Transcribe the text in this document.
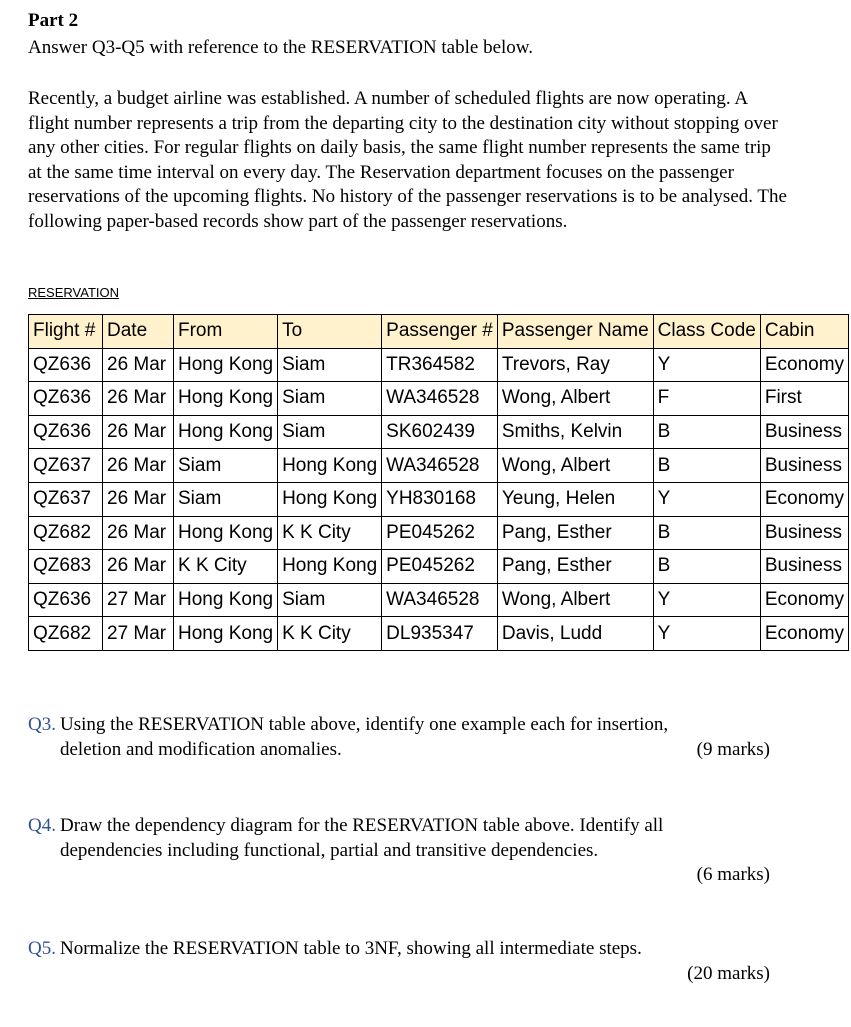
Part 2
Answer Q3-Q5 with reference to the RESERVATION table below.
Recently, a budget airline was established. A number of scheduled flights are now operating. A flight number represents a trip from the departing city to the destination city without stopping over any other cities. For regular flights on daily basis, the same flight number represents the same trip at the same time interval on every day. The Reservation department focuses on the passenger reservations of the upcoming flights. No history of the passenger reservations is to be analysed. The following paper-based records show part of the passenger reservations.
RESERVATION
Flight #	Date	From	To	Passenger #	Passenger Name	Class Code	Cabin
QZ636	26 Mar	Hong Kong	Siam	TR364582	Trevors, Ray	Y	Economy
QZ636	26 Mar	Hong Kong	Siam	WA346528	Wong, Albert	F	First
QZ636	26 Mar	Hong Kong	Siam	SK602439	Smiths, Kelvin	B	Business
QZ637	26 Mar	Siam	Hong Kong	WA346528	Wong, Albert	B	Business
QZ637	26 Mar	Siam	Hong Kong	YH830168	Yeung, Helen	Y	Economy
QZ682	26 Mar	Hong Kong	K K City	PE045262	Pang, Esther	B	Business
QZ683	26 Mar	K K City	Hong Kong	PE045262	Pang, Esther	B	Business
QZ636	27 Mar	Hong Kong	Siam	WA346528	Wong, Albert	Y	Economy
QZ682	27 Mar	Hong Kong	K K City	DL935347	Davis, Ludd	Y	Economy
Q3. Using the RESERVATION table above, identify one example each for insertion,
deletion and modification anomalies.	(9 marks)
Q4. Draw the dependency diagram for the RESERVATION table above. Identify all
dependencies including functional, partial and transitive dependencies.
(6 marks)
Q5. Normalize the RESERVATION table to 3NF, showing all intermediate steps.
(20 marks)
